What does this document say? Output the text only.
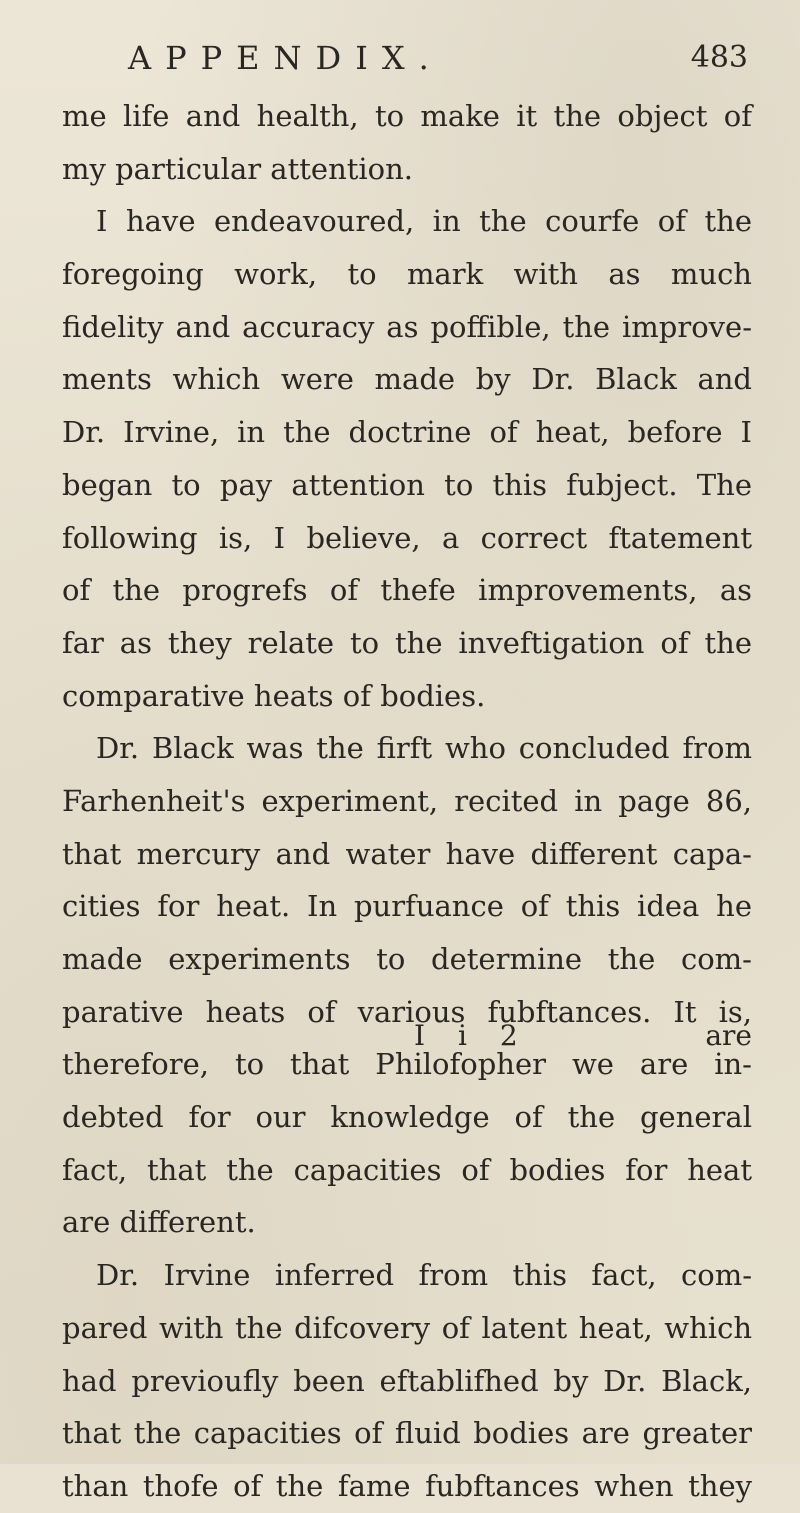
APPENDIX.	483
me life and health, to make it the object of
my particular attention.
I have endeavoured, in the courfe of the
foregoing work, to mark with as much
fidelity and accuracy as poffible, the improve-
ments which were made by Dr. Black and
Dr. Irvine, in the doctrine of heat, before I
began to pay attention to this fubject. The
following is, I believe, a correct ftatement
of the progrefs of thefe improvements, as
far as they relate to the inveftigation of the
comparative heats of bodies.
Dr. Black was the firft who concluded from
Farhenheit's experiment, recited in page 86,
that mercury and water have different capa-
cities for heat. In purfuance of this idea he
made experiments to determine the com-
parative heats of various fubftances. It is,
therefore, to that Philofopher we are in-
debted for our knowledge of the general
fact, that the capacities of bodies for heat
are different.
Dr. Irvine inferred from this fact, com-
pared with the difcovery of latent heat, which
had previoufly been eftablifhed by Dr. Black,
that the capacities of fluid bodies are greater
than thofe of the fame fubftances when they
I i 2	are
